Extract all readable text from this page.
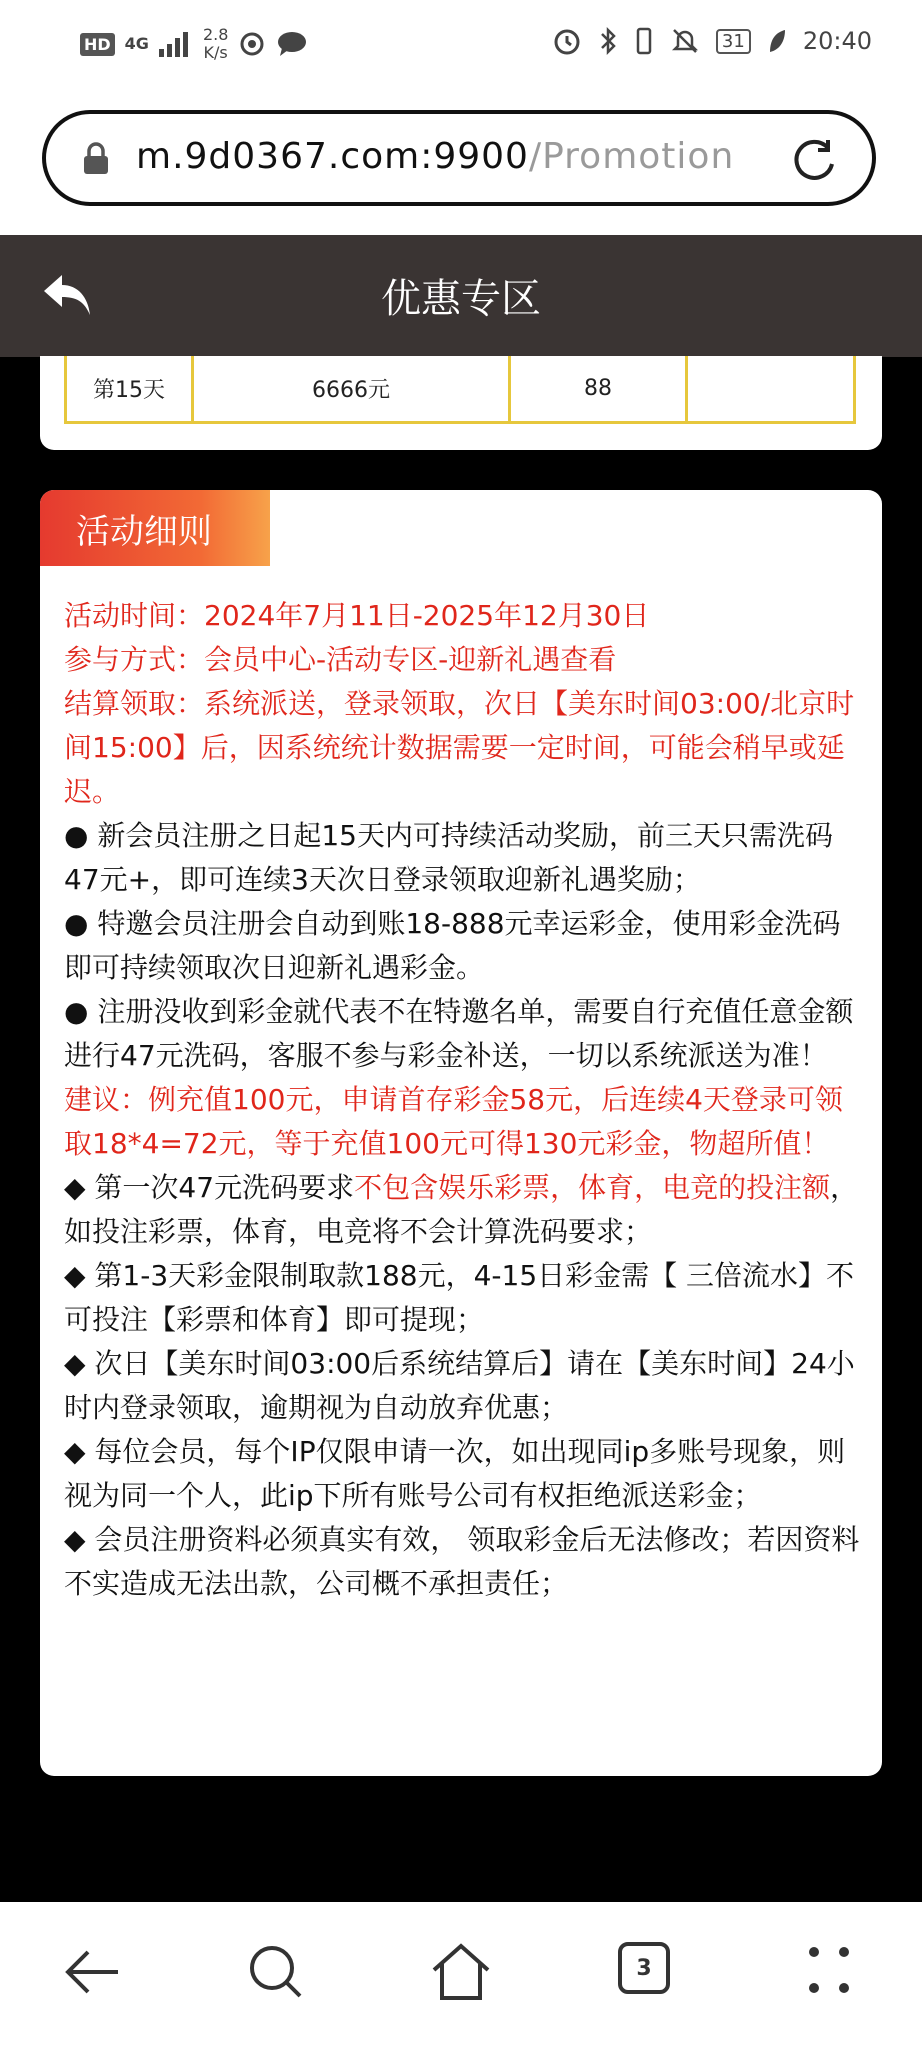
HD 4G	2.8
K/s
31 20:40
m.9d0367.com:9900/Promotion
优惠专区
第15天	6666元	88
活动细则

活动时间：2024年7月11日-2025年12月30日

参与方式：会员中心-活动专区-迎新礼遇查看

结算领取：系统派送，登录领取，次日【美东时间03:00/北京时间15:00】后，因系统统计数据需要一定时间，可能会稍早或延迟。

● 新会员注册之日起15天内可持续活动奖励，前三天只需洗码47元+，即可连续3天次日登录领取迎新礼遇奖励；

● 特邀会员注册会自动到账18-888元幸运彩金，使用彩金洗码即可持续领取次日迎新礼遇彩金。

● 注册没收到彩金就代表不在特邀名单，需要自行充值任意金额进行47元洗码，客服不参与彩金补送，一切以系统派送为准！

建议：例充值100元，申请首存彩金58元，后连续4天登录可领取18*4=72元，等于充值100元可得130元彩金，物超所值！

◆ 第一次47元洗码要求不包含娱乐彩票，体育，电竞的投注额，如投注彩票，体育，电竞将不会计算洗码要求；

◆ 第1-3天彩金限制取款188元，4-15日彩金需【 三倍流水】不可投注【彩票和体育】即可提现；

◆ 次日【美东时间03:00后系统结算后】请在【美东时间】24小时内登录领取，逾期视为自动放弃优惠；

◆ 每位会员，每个IP仅限申请一次，如出现同ip多账号现象，则视为同一个人，此ip下所有账号公司有权拒绝派送彩金；

◆ 会员注册资料必须真实有效， 领取彩金后无法修改；若因资料不实造成无法出款，公司概不承担责任；

3
